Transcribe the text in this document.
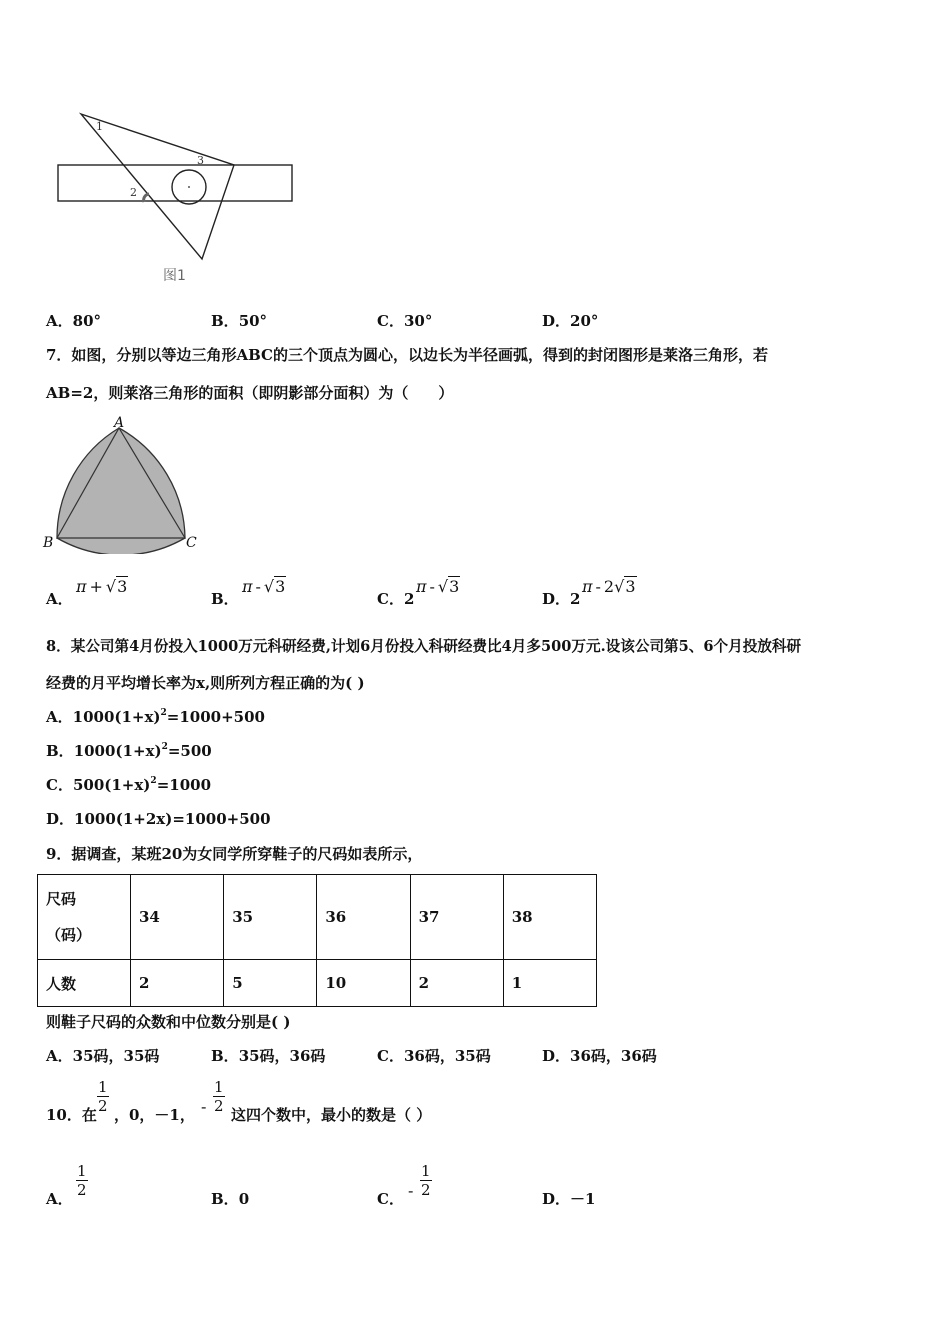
1
2
3
图1
A．80°	B．50°	C．30°	D．20°
7．如图，分别以等边三角形ABC的三个顶点为圆心，以边长为半径画弧，得到的封闭图形是莱洛三角形，若
AB=2，则莱洛三角形的面积（即阴影部分面积）为（　　）
A
B	C
A．
π + √3
B．
π - √3
C．2
π - √3
D．2
π - 2√3
8．某公司第4月份投入1000万元科研经费,计划6月份投入科研经费比4月多500万元.设该公司第5、6个月投放科研
经费的月平均增长率为x,则所列方程正确的为( )
A．$1000(1+x)^2=1000+500$
B．$1000(1+x)^2=500$
C．$500(1+x)^2=1000$
D．1000(1+2x)=1000+500
9．据调查，某班20为女同学所穿鞋子的尺码如表所示，
尺码
（码）	34	35	36	37	38
人数	2	5	10	2	1
则鞋子尺码的众数和中位数分别是( )
A．35码，35码	B．35码，36码	C．36码，35码	D．36码，36码
10．在 $\frac{1}{2}$ ，0，－1， - $\frac{1}{2}$ 这四个数中，最小的数是（ ）
A． $\frac{1}{2}$	B．0	C． - $\frac{1}{2}$	D．－1
